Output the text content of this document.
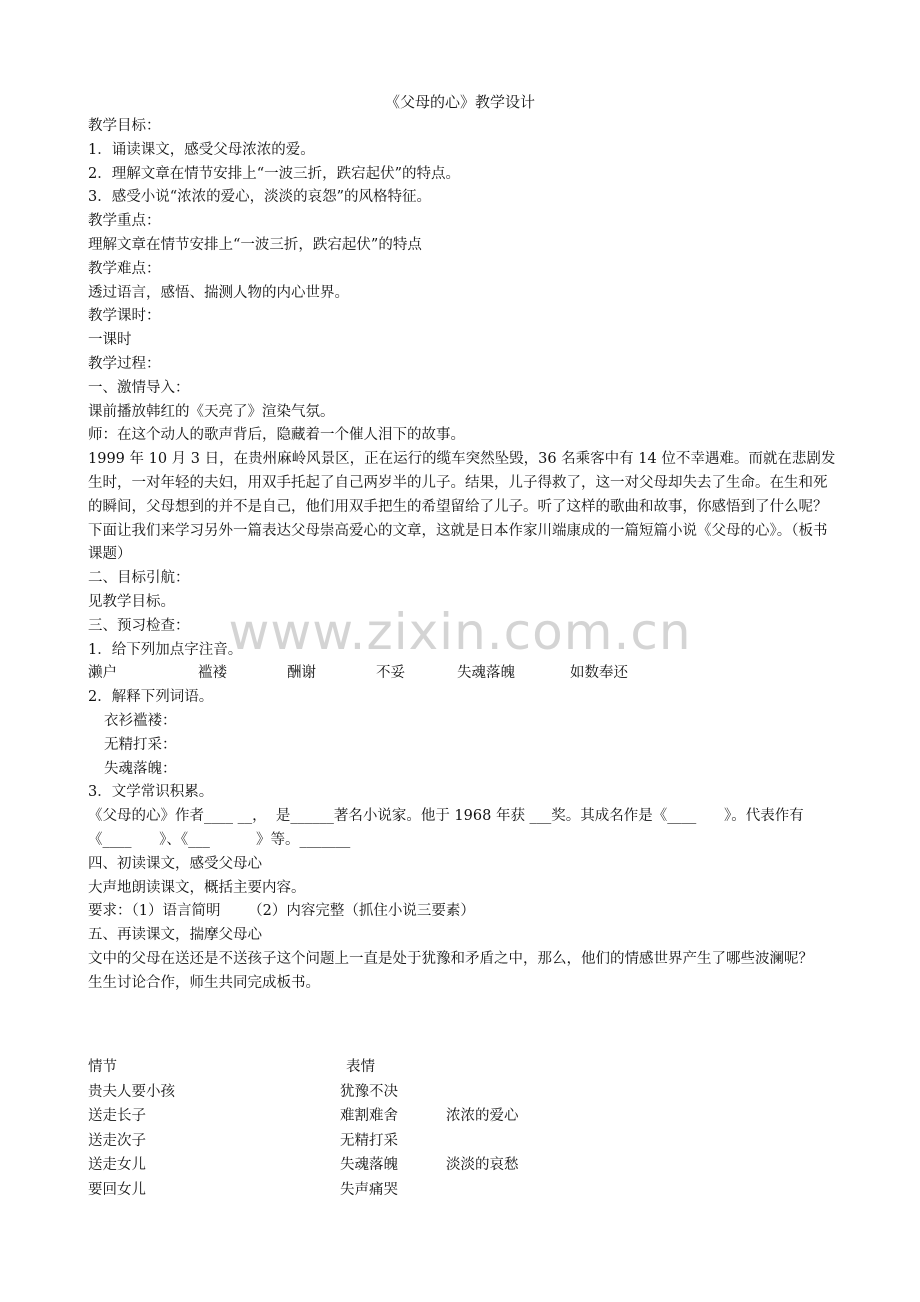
《父母的心》教学设计
教学目标：
1．诵读课文，感受父母浓浓的爱。
2．理解文章在情节安排上“一波三折，跌宕起伏”的特点。
3．感受小说“浓浓的爱心，淡淡的哀怨”的风格特征。
教学重点：
理解文章在情节安排上“一波三折，跌宕起伏”的特点
教学难点：
透过语言，感悟、揣测人物的内心世界。
教学课时：
一课时
教学过程：
一、激情导入：
课前播放韩红的《天亮了》渲染气氛。
师：在这个动人的歌声背后，隐藏着一个催人泪下的故事。
1999 年 10 月 3 日，在贵州麻岭风景区，正在运行的缆车突然坠毁，36 名乘客中有 14 位不幸遇难。而就在悲剧发生时，一对年轻的夫妇，用双手托起了自己两岁半的儿子。结果，儿子得救了，这一对父母却失去了生命。在生和死的瞬间，父母想到的并不是自己，他们用双手把生的希望留给了儿子。听了这样的歌曲和故事，你感悟到了什么呢？
下面让我们来学习另外一篇表达父母崇高爱心的文章，这就是日本作家川端康成的一篇短篇小说《父母的心》。（板书课题）
二、目标引航：
见教学目标。
三、预习检查：
1．给下列加点字注音。
濑户	褴褛	酬谢	不妥	失魂落魄	如数奉还
2．解释下列词语。
衣衫褴褛：
无精打采：
失魂落魄：
3．文学常识积累。
《父母的心》作者____ __，  是______著名小说家。他于 1968 年获 ___奖。其成名作是《____      》。代表作有《____      》、《___          》等。_______
四、初读课文，感受父母心
大声地朗读课文，概括主要内容。
要求：（1）语言简明      （2）内容完整（抓住小说三要素）
五、再读课文，揣摩父母心
文中的父母在送还是不送孩子这个问题上一直是处于犹豫和矛盾之中，那么，他们的情感世界产生了哪些波澜呢？
生生讨论合作，师生共同完成板书。
情节	表情
贵夫人要小孩	犹豫不决
送走长子	难割难舍	浓浓的爱心
送走次子	无精打采
送走女儿	失魂落魄	淡淡的哀愁
要回女儿	失声痛哭
www.zixin.com.cn
